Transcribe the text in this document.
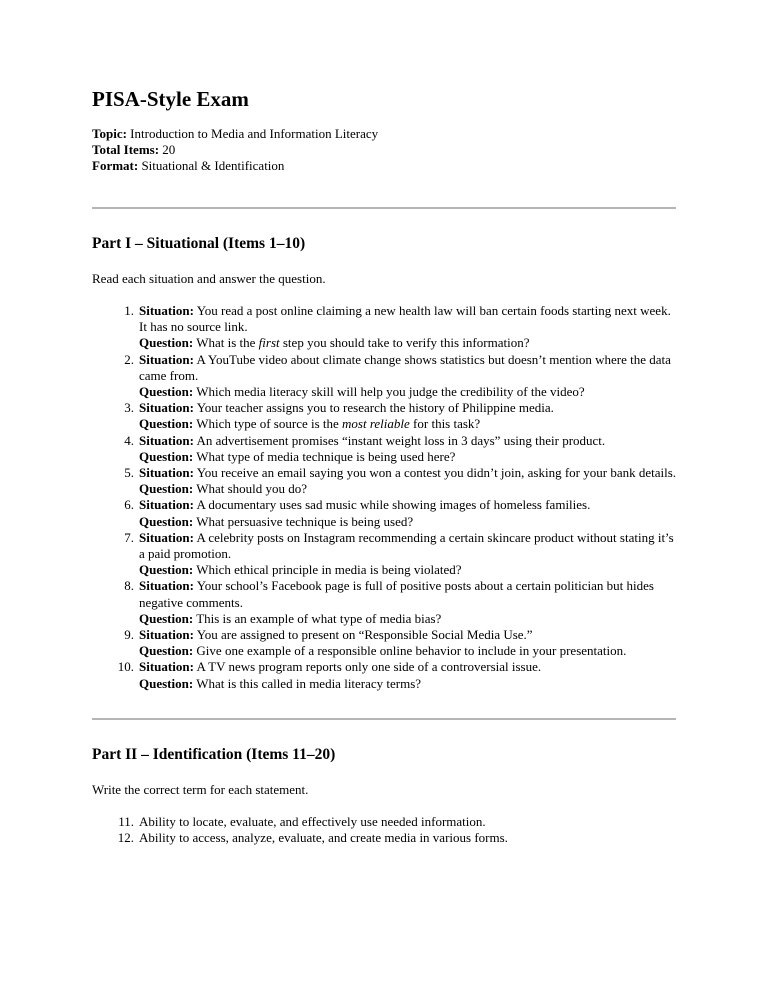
PISA-Style Exam

Topic: Introduction to Media and Information Literacy

Total Items: 20

Format: Situational & Identification

Part I – Situational (Items 1–10)

Read each situation and answer the question.

1. Situation: You read a post online claiming a new health law will ban certain foods starting next week. It has no source link.
Question: What is the first step you should take to verify this information?
2. Situation: A YouTube video about climate change shows statistics but doesn’t mention where the data came from.
Question: Which media literacy skill will help you judge the credibility of the video?
3. Situation: Your teacher assigns you to research the history of Philippine media.
Question: Which type of source is the most reliable for this task?
4. Situation: An advertisement promises “instant weight loss in 3 days” using their product.
Question: What type of media technique is being used here?
5. Situation: You receive an email saying you won a contest you didn’t join, asking for your bank details.
Question: What should you do?
6. Situation: A documentary uses sad music while showing images of homeless families.
Question: What persuasive technique is being used?
7. Situation: A celebrity posts on Instagram recommending a certain skincare product without stating it’s a paid promotion.
Question: Which ethical principle in media is being violated?
8. Situation: Your school’s Facebook page is full of positive posts about a certain politician but hides negative comments.
Question: This is an example of what type of media bias?
9. Situation: You are assigned to present on “Responsible Social Media Use.”
Question: Give one example of a responsible online behavior to include in your presentation.
10. Situation: A TV news program reports only one side of a controversial issue.
Question: What is this called in media literacy terms?
Part II – Identification (Items 11–20)

Write the correct term for each statement.

11. Ability to locate, evaluate, and effectively use needed information.
12. Ability to access, analyze, evaluate, and create media in various forms.
